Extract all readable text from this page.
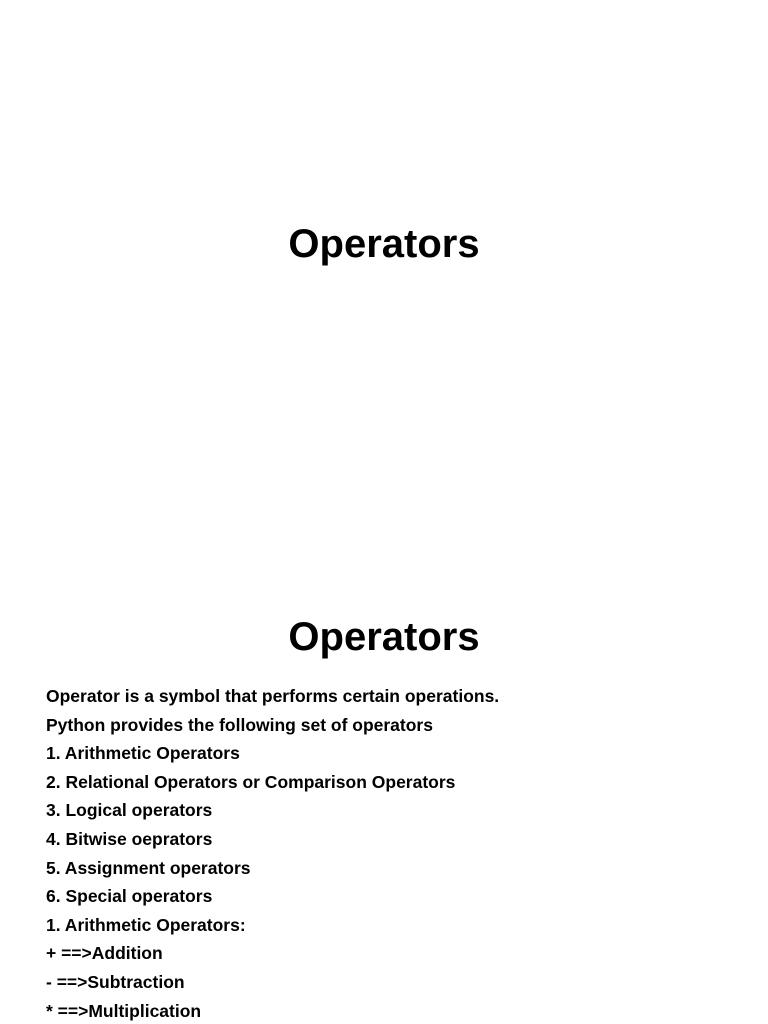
Operators
Operators
Operator is a symbol that performs certain operations.
Python provides the following set of operators
1. Arithmetic Operators
2. Relational Operators or Comparison Operators
3. Logical operators
4. Bitwise oeprators
5. Assignment operators
6. Special operators
1. Arithmetic Operators:
+ ==>Addition
- ==>Subtraction
* ==>Multiplication
